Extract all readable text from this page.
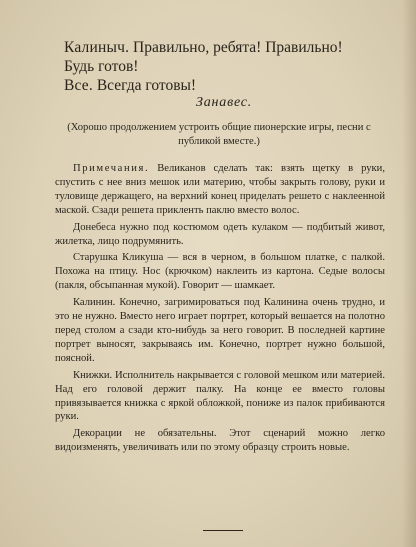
Калиныч. Правильно, ребята! Правильно!
Будь готов!
Все. Всегда готовы!
Занавес.
(Хорошо продолжением устроить общие пионерские игры, песни с публикой вместе.)

Примечания. Великанов сделать так: взять щетку в руки, спустить с нее вниз мешок или материю, чтобы закрыть голову, руки и туловище держащего, на верхний конец приделать решето с наклеенной маской. Сзади решета прикленть паклю вместо волос.

Донебеса нужно под костюмом одеть кулаком — подбитый живот, жилетка, лицо подрумянить.

Старушка Кликуша — вся в черном, в большом платке, с палкой. Похожа на птицу. Нос (крючком) наклеить из картона. Седые волосы (пакля, обсыпанная мукой). Говорит — шамкает.

Калинин. Конечно, загримироваться под Калинина очень трудно, и это не нужно. Вместо него играет портрет, который вешается на полотно перед столом а сзади кто-нибудь за него говорит. В последней картине портрет выносят, закрываясь им. Конечно, портрет нужно большой, поясной.

Книжки. Исполнитель накрывается с головой мешком или материей. Над его головой держит палку. На конце ее вместо головы привязывается книжка с яркой обложкой, пониже из палок прибиваются руки.

Декорации не обязательны. Этот сценарий можно легко видоизменять, увеличивать или по этому образцу строить новые.
